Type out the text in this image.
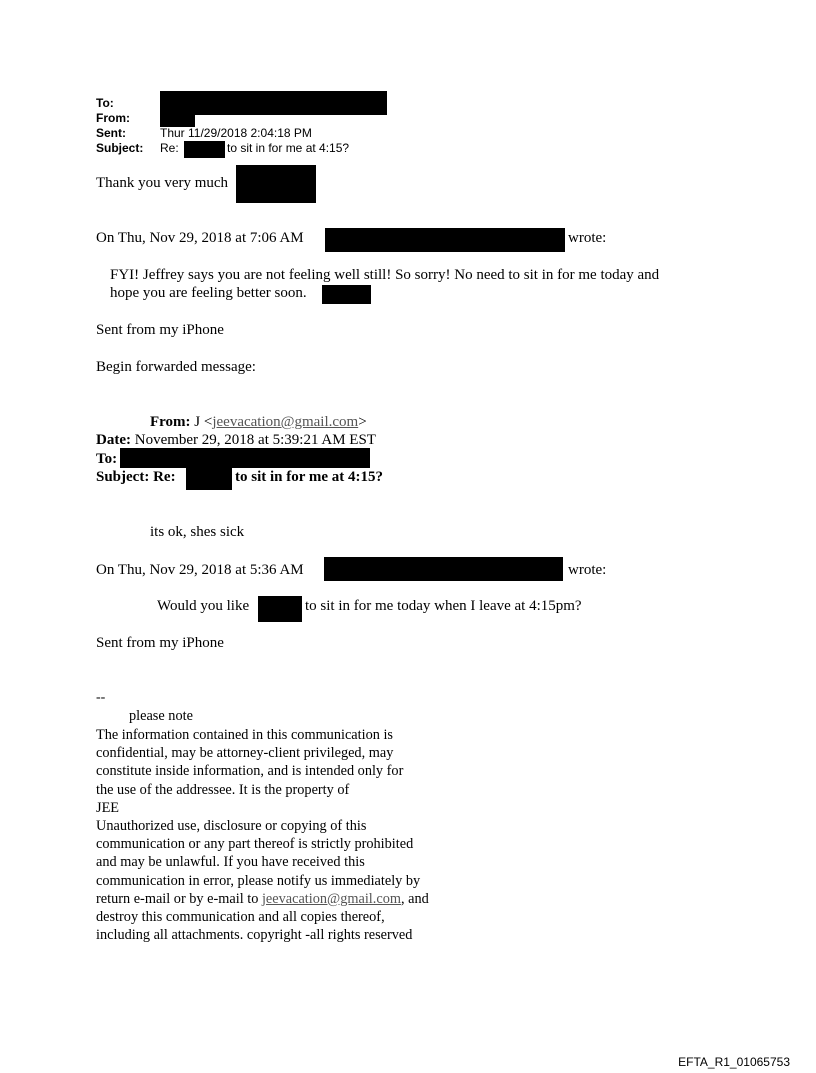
To:
From:
Sent:	Thur 11/29/2018 2:04:18 PM
Subject: Re:	to sit in for me at 4:15?
Thank you very much
On Thu, Nov 29, 2018 at 7:06 AM	wrote:
FYI! Jeffrey says you are not feeling well still! So sorry! No need to sit in for me today and
hope you are feeling better soon.
Sent from my iPhone
Begin forwarded message:
From: J <jeevacation@gmail.com>
Date: November 29, 2018 at 5:39:21 AM EST
To:
Subject: Re:	to sit in for me at 4:15?
its ok, shes sick
On Thu, Nov 29, 2018 at 5:36 AM	wrote:
Would you like	to sit in for me today when I leave at 4:15pm?
Sent from my iPhone
--
please note
The information contained in this communication is
confidential, may be attorney-client privileged, may
constitute inside information, and is intended only for
the use of the addressee. It is the property of
JEE
Unauthorized use, disclosure or copying of this
communication or any part thereof is strictly prohibited
and may be unlawful. If you have received this
communication in error, please notify us immediately by
return e-mail or by e-mail to jeevacation@gmail.com, and
destroy this communication and all copies thereof,
including all attachments. copyright -all rights reserved
EFTA_R1_01065753
